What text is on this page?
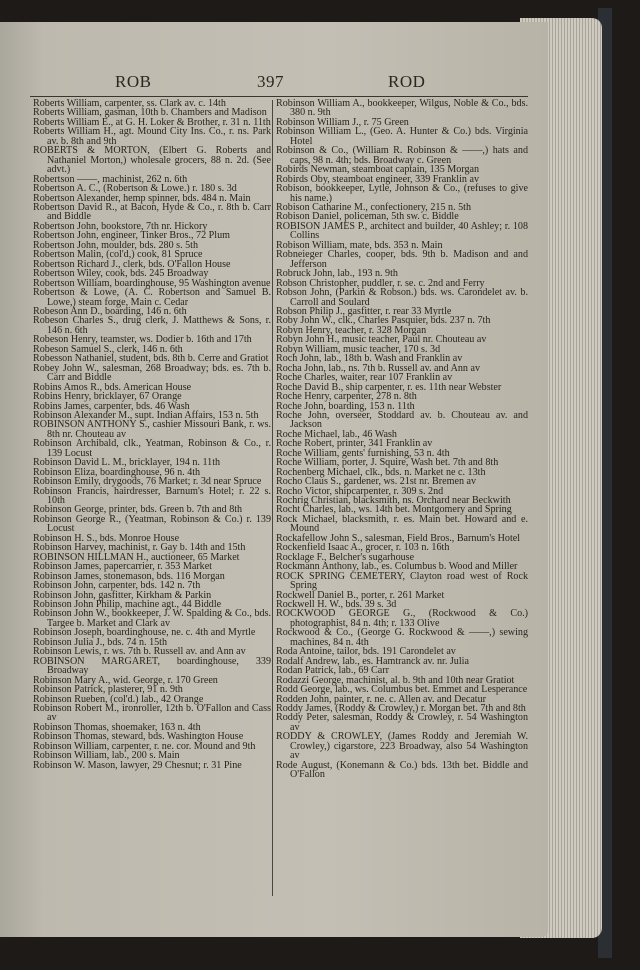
ROB	397	ROD
Roberts William, carpenter, ss. Clark av. c. 14th
Roberts William, gasman, 10th b. Chambers and Madison
Roberts William E., at G. H. Loker & Brother, r. 31 n. 11th
Roberts William H., agt. Mound City Ins. Co., r. ns. Park av. b. 8th and 9th
ROBERTS & MORTON, (Elbert G. Roberts and Nathaniel Morton,) wholesale grocers, 88 n. 2d. (See advt.)
Robertson ——, machinist, 262 n. 6th
Robertson A. C., (Robertson & Lowe.) r. 180 s. 3d
Robertson Alexander, hemp spinner, bds. 484 n. Main
Robertson David R., at Bacon, Hyde & Co., r. 8th b. Carr and Biddle
Robertson John, bookstore, 7th nr. Hickory
Robertson John, engineer, Tinker Bros., 72 Plum
Robertson John, moulder, bds. 280 s. 5th
Robertson Malin, (col'd,) cook, 81 Spruce
Robertson Richard J., clerk, bds. O'Fallon House
Robertson Wiley, cook, bds. 245 Broadway
Robertson William, boardinghouse, 95 Washington avenue
Robertson & Lowe, (A. C. Robertson and Samuel B. Lowe,) steam forge, Main c. Cedar
Robeson Ann D., boarding, 146 n. 6th
Robeson Charles S., drug clerk, J. Matthews & Sons, r. 146 n. 6th
Robeson Henry, teamster, ws. Dodier b. 16th and 17th
Robeson Samuel S., clerk, 146 n. 6th
Robesson Nathaniel, student, bds. 8th b. Cerre and Gratiot
Robey John W., salesman, 268 Broadway; bds. es. 7th b. Carr and Biddle
Robins Amos R., bds. American House
Robins Henry, bricklayer, 67 Orange
Robins James, carpenter, bds. 46 Wash
Robinson Alexander M., supt. Indian Affairs, 153 n. 5th
ROBINSON ANTHONY S., cashier Missouri Bank, r. ws. 8th nr. Chouteau av
Robinson Archibald, clk., Yeatman, Robinson & Co., r. 139 Locust
Robinson David L. M., bricklayer, 194 n. 11th
Robinson Eliza, boardinghouse, 96 n. 4th
Robinson Emily, drygoods, 76 Market; r. 3d near Spruce
Robinson Francis, hairdresser, Barnum's Hotel; r. 22 s. 10th
Robinson George, printer, bds. Green b. 7th and 8th
Robinson George R., (Yeatman, Robinson & Co.) r. 139 Locust
Robinson H. S., bds. Monroe House
Robinson Harvey, machinist, r. Gay b. 14th and 15th
ROBINSON HILLMAN H., auctioneer, 65 Market
Robinson James, papercarrier, r. 353 Market
Robinson James, stonemason, bds. 116 Morgan
Robinson John, carpenter, bds. 142 n. 7th
Robinson John, gasfitter, Kirkham & Parkin
Robinson John Philip, machine agt., 44 Biddle
Robinson John W., bookkeeper, J. W. Spalding & Co., bds. Targee b. Market and Clark av
Robinson Joseph, boardinghouse, ne. c. 4th and Myrtle
Robinson Julia J., bds. 74 n. 15th
Robinson Lewis, r. ws. 7th b. Russell av. and Ann av
ROBINSON MARGARET, boardinghouse, 339 Broadway
Robinson Mary A., wid. George, r. 170 Green
Robinson Patrick, plasterer, 91 n. 9th
Robinson Rueben, (col'd.) lab., 42 Orange
Robinson Robert M., ironroller, 12th b. O'Fallon and Cass av
Robinson Thomas, shoemaker, 163 n. 4th
Robinson Thomas, steward, bds. Washington House
Robinson William, carpenter, r. ne. cor. Mound and 9th
Robinson William, lab., 200 s. Main
Robinson W. Mason, lawyer, 29 Chesnut; r. 31 Pine
Robinson William A., bookkeeper, Wilgus, Noble & Co., bds. 380 n. 9th
Robinson William J., r. 75 Green
Robinson William L., (Geo. A. Hunter & Co.) bds. Virginia Hotel
Robinson & Co., (William R. Robinson & ——,) hats and caps, 98 n. 4th; bds. Broadway c. Green
Robirds Newman, steamboat captain, 135 Morgan
Robirds Oby, steamboat engineer, 339 Franklin av
Robison, bookkeeper, Lytle, Johnson & Co., (refuses to give his name.)
Robison Catharine M., confectionery, 215 n. 5th
Robison Daniel, policeman, 5th sw. c. Biddle
ROBISON JAMES P., architect and builder, 40 Ashley; r. 108 Collins
Robison William, mate, bds. 353 n. Main
Robneieger Charles, cooper, bds. 9th b. Madison and and Jefferson
Robruck John, lab., 193 n. 9th
Robson Christopher, puddler, r. se. c. 2nd and Ferry
Robson John, (Parkin & Robson.) bds. ws. Carondelet av. b. Carroll and Soulard
Robson Philip J., gasfitter, r. rear 33 Myrtle
Roby John W., clk., Charles Pasquier, bds. 237 n. 7th
Robyn Henry, teacher, r. 328 Morgan
Robyn John H., music teacher, Paul nr. Chouteau av
Robyn William, music teacher, 170 s. 3d
Roch John, lab., 18th b. Wash and Franklin av
Rocha John, lab., ns. 7th b. Russell av. and Ann av
Roche Charles, waiter, rear 107 Franklin av
Roche David B., ship carpenter, r. es. 11th near Webster
Roche Henry, carpenter, 278 n. 8th
Roche John, boarding, 153 n. 11th
Roche John, overseer, Stoddard av. b. Chouteau av. and Jackson
Roche Michael, lab., 46 Wash
Roche Robert, printer, 341 Franklin av
Roche William, gents' furnishing, 53 n. 4th
Roche William, porter, J. Squire, Wash bet. 7th and 8th
Rochenberg Michael, clk., bds. n. Market ne c. 13th
Rocho Claus S., gardener, ws. 21st nr. Bremen av
Rocho Victor, shipcarpenter, r. 309 s. 2nd
Rochrig Christian, blacksmith, ns. Orchard near Beckwith
Rocht Charles, lab., ws. 14th bet. Montgomery and Spring
Rock Michael, blacksmith, r. es. Main bet. Howard and e. Mound
Rockafellow John S., salesman, Field Bros., Barnum's Hotel
Rockenfield Isaac A., grocer, r. 103 n. 16th
Rocklage F., Belcher's sugarhouse
Rockmann Anthony, lab., es. Columbus b. Wood and Miller
ROCK SPRING CEMETERY, Clayton road west of Rock Spring
Rockwell Daniel B., porter, r. 261 Market
Rockwell H. W., bds. 39 s. 3d
ROCKWOOD GEORGE G., (Rockwood & Co.) photographist, 84 n. 4th; r. 133 Olive
Rockwood & Co., (George G. Rockwood & ——,) sewing machines, 84 n. 4th
Roda Antoine, tailor, bds. 191 Carondelet av
Rodalf Andrew, lab., es. Hamtranck av. nr. Julia
Rodan Patrick, lab., 69 Carr
Rodazzi George, machinist, al. b. 9th and 10th near Gratiot
Rodd George, lab., ws. Columbus bet. Emmet and Lesperance
Rodden John, painter, r. ne. c. Allen av. and Decatur
Roddy James, (Roddy & Crowley,) r. Morgan bet. 7th and 8th
Roddy Peter, salesman, Roddy & Crowley, r. 54 Washington av
RODDY & CROWLEY, (James Roddy and Jeremiah W. Crowley,) cigarstore, 223 Broadway, also 54 Washington av
Rode August, (Konemann & Co.) bds. 13th bet. Biddle and O'Fallon
